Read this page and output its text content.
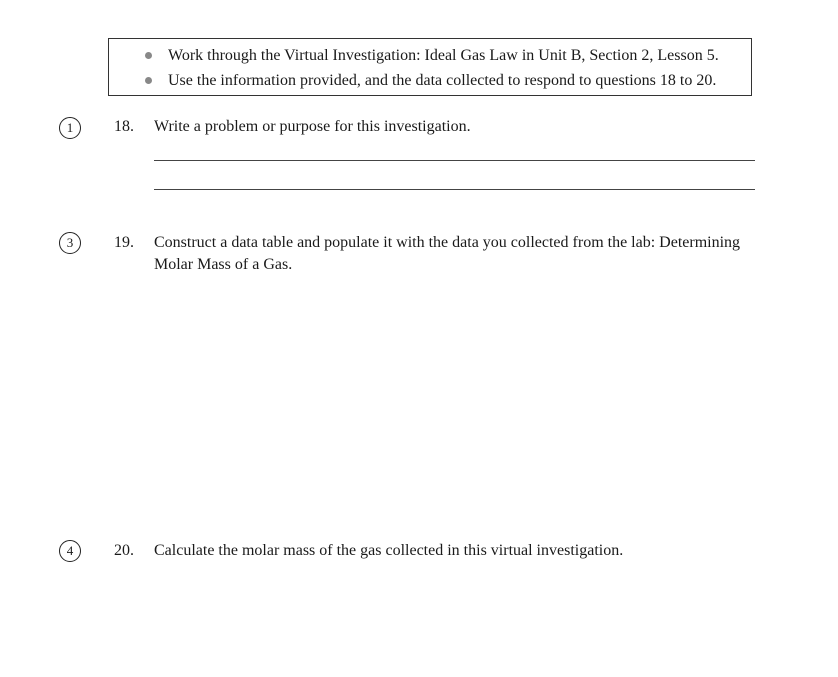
Work through the Virtual Investigation: Ideal Gas Law in Unit B, Section 2, Lesson 5.
Use the information provided, and the data collected to respond to questions 18 to 20.
1	18. Write a problem or purpose for this investigation.
3	19. Construct a data table and populate it with the data you collected from the lab: Determining Molar Mass of a Gas.
4	20. Calculate the molar mass of the gas collected in this virtual investigation.
